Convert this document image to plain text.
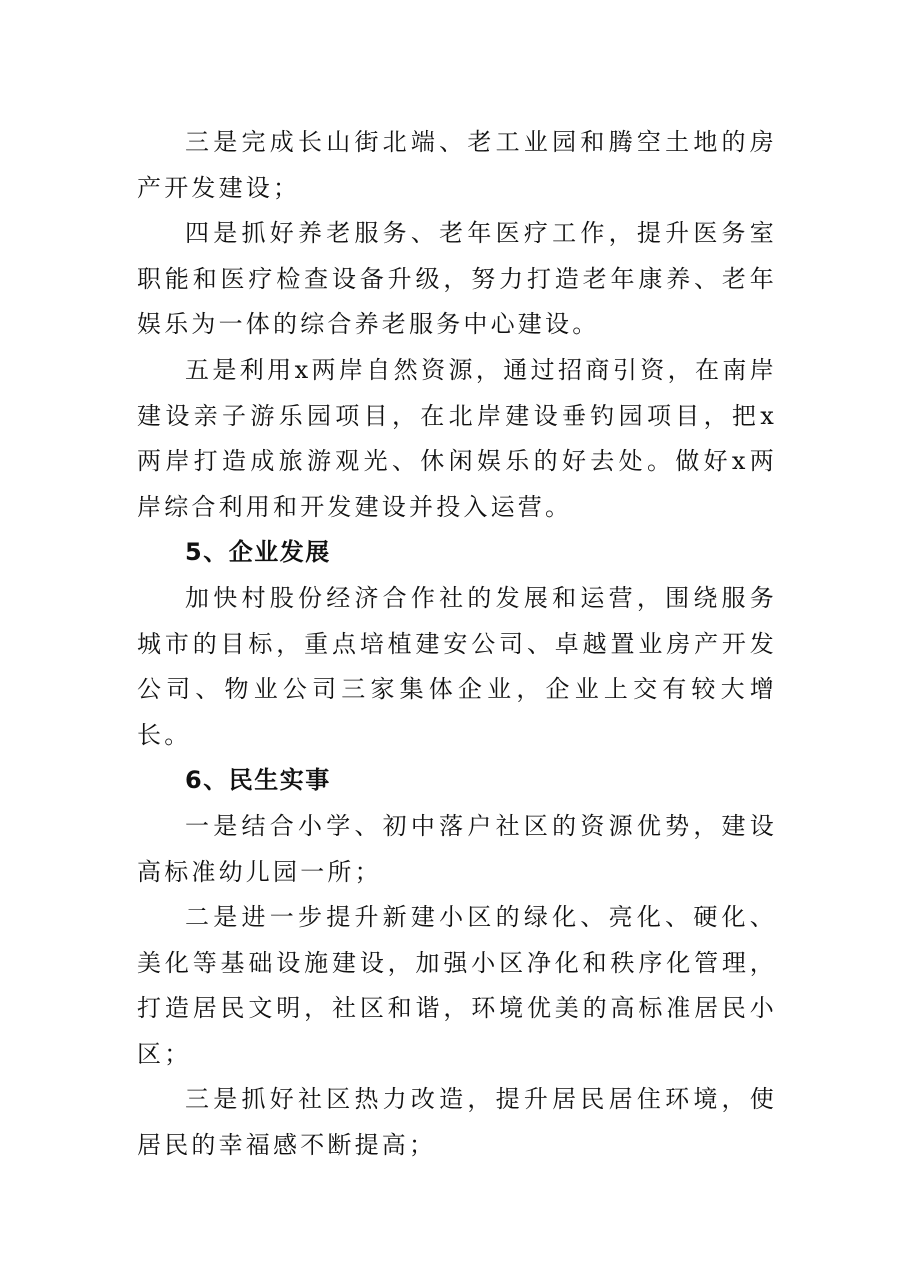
三是完成长山街北端、老工业园和腾空土地的房产开发建设；

四是抓好养老服务、老年医疗工作，提升医务室职能和医疗检查设备升级，努力打造老年康养、老年娱乐为一体的综合养老服务中心建设。

五是利用x两岸自然资源，通过招商引资，在南岸建设亲子游乐园项目，在北岸建设垂钓园项目，把x两岸打造成旅游观光、休闲娱乐的好去处。做好x两岸综合利用和开发建设并投入运营。

5、企业发展

加快村股份经济合作社的发展和运营，围绕服务城市的目标，重点培植建安公司、卓越置业房产开发公司、物业公司三家集体企业，企业上交有较大增长。

6、民生实事

一是结合小学、初中落户社区的资源优势，建设高标准幼儿园一所；

二是进一步提升新建小区的绿化、亮化、硬化、美化等基础设施建设，加强小区净化和秩序化管理，打造居民文明，社区和谐，环境优美的高标准居民小区；

三是抓好社区热力改造，提升居民居住环境，使居民的幸福感不断提高；
